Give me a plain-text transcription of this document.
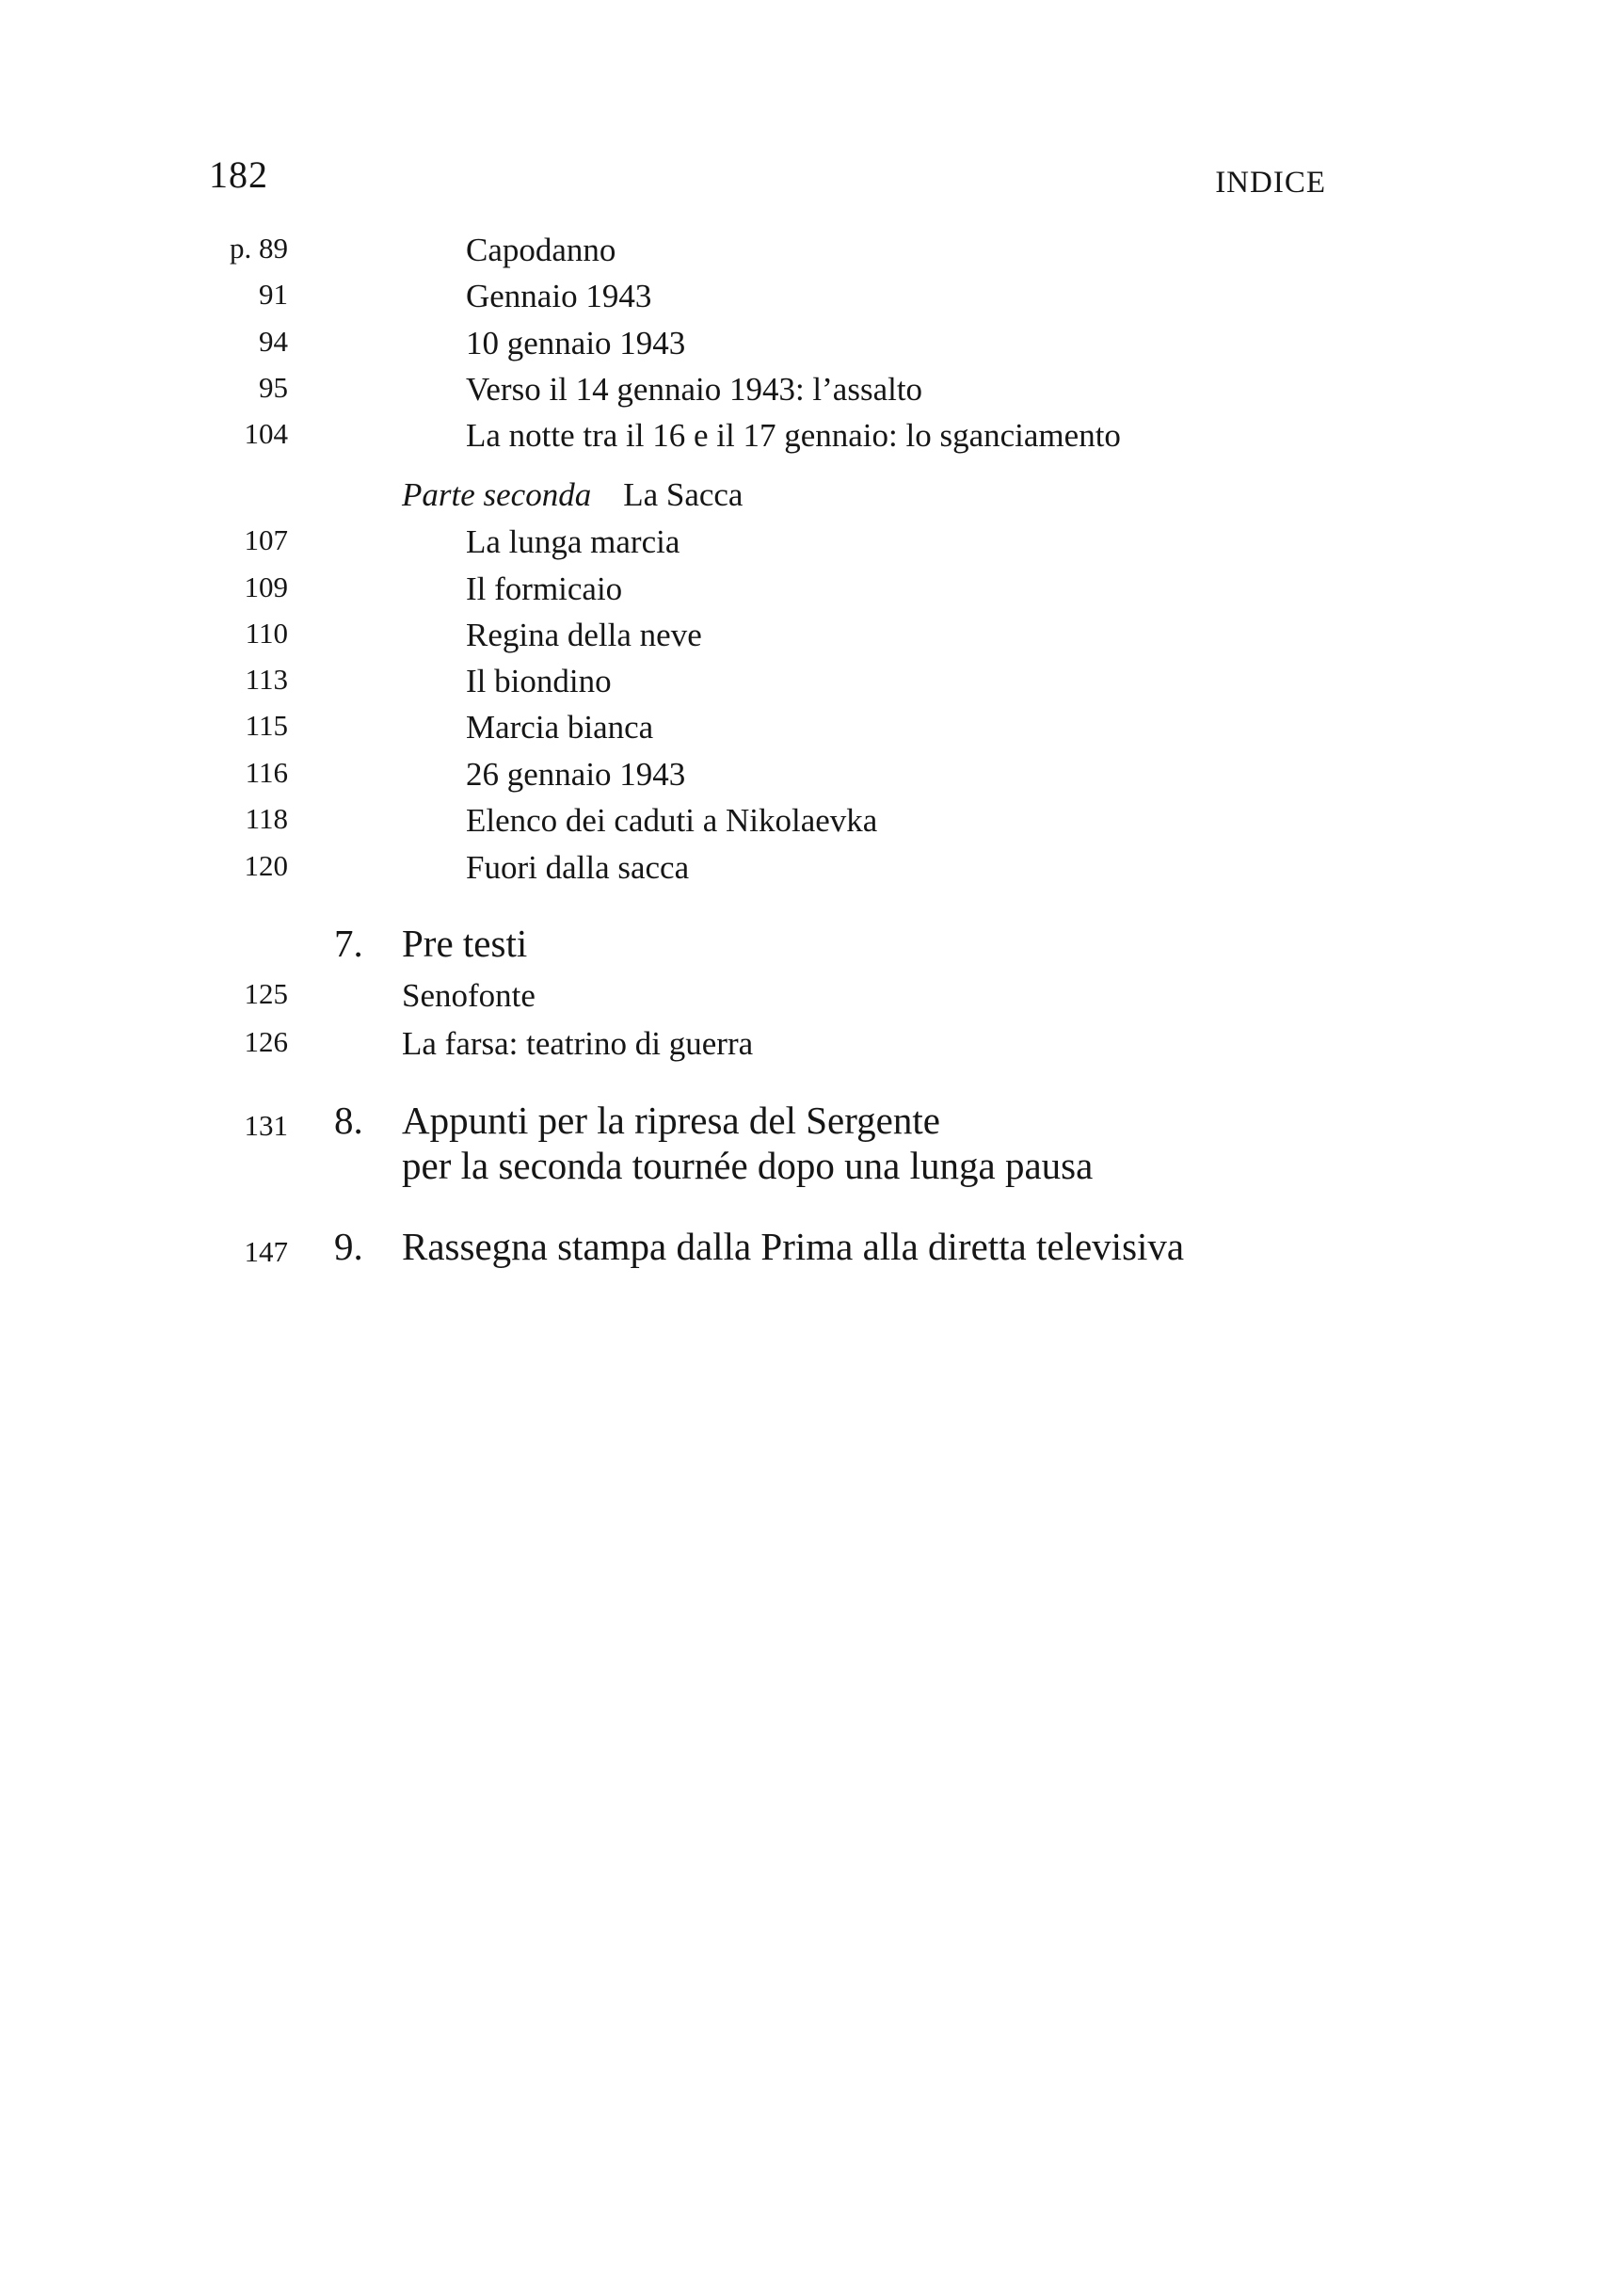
182	INDICE
p. 89	Capodanno
91	Gennaio 1943
94	10 gennaio 1943
95	Verso il 14 gennaio 1943: l’assalto
104	La notte tra il 16 e il 17 gennaio: lo sganciamento
Parte seconda La Sacca
107	La lunga marcia
109	Il formicaio
110	Regina della neve
113	Il biondino
115	Marcia bianca
116	26 gennaio 1943
118	Elenco dei caduti a Nikolaevka
120	Fuori dalla sacca
7. Pre testi
125	Senofonte
126	La farsa: teatrino di guerra
131 8. Appunti per la ripresa del Sergente
per la seconda tournée dopo una lunga pausa
147 9. Rassegna stampa dalla Prima alla diretta televisiva
